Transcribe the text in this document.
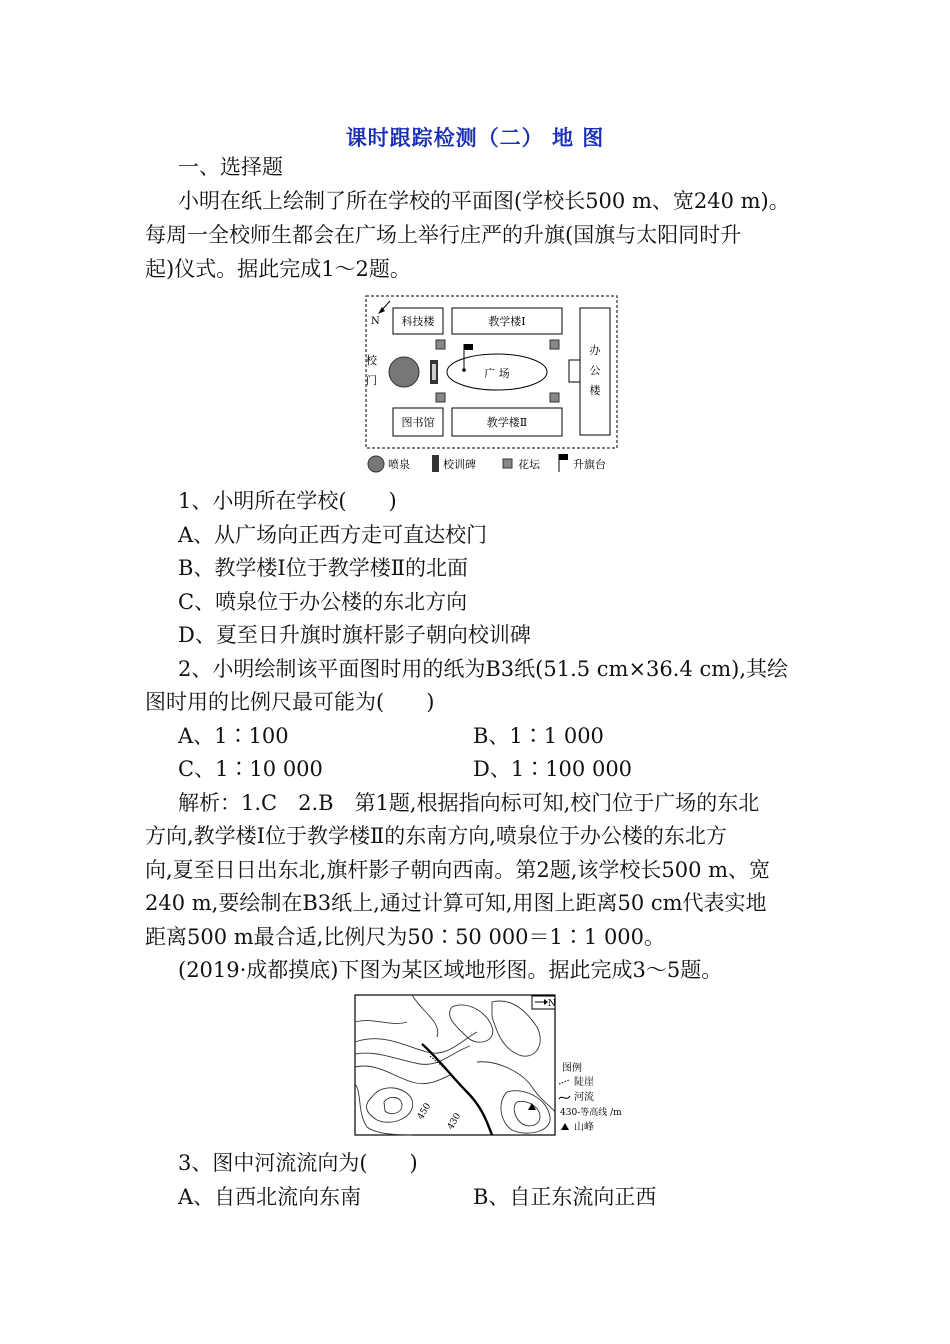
课时跟踪检测（二） 地 图
一、选择题
小明在纸上绘制了所在学校的平面图(学校长500 m、宽240 m)。
每周一全校师生都会在广场上举行庄严的升旗(国旗与太阳同时升
起)仪式。据此完成1～2题。
N 科技楼	教学楼Ⅰ
图书馆	教学楼Ⅱ
办公楼
校
门
广 场
喷泉	校训碑	花坛	升旗台
1、小明所在学校(　　)
A、从广场向正西方走可直达校门
B、教学楼Ⅰ位于教学楼Ⅱ的北面
C、喷泉位于办公楼的东北方向
D、夏至日升旗时旗杆影子朝向校训碑
2、小明绘制该平面图时用的纸为B3纸(51.5 cm×36.4 cm),其绘
图时用的比例尺最可能为(　　)
A、1∶100	B、1∶1 000
C、1∶10 000	D、1∶100 000
解析：1.C　2.B　第1题,根据指向标可知,校门位于广场的东北
方向,教学楼Ⅰ位于教学楼Ⅱ的东南方向,喷泉位于办公楼的东北方
向,夏至日日出东北,旗杆影子朝向西南。第2题,该学校长500 m、宽
240 m,要绘制在B3纸上,通过计算可知,用图上距离50 cm代表实地
距离500 m最合适,比例尺为50∶50 000＝1∶1 000。
(2019·成都摸底)下图为某区域地形图。据此完成3～5题。
N
450
430
图例
陡崖
河流
430-等高线 /m
山峰
3、图中河流流向为(　　)
A、自西北流向东南	B、自正东流向正西
